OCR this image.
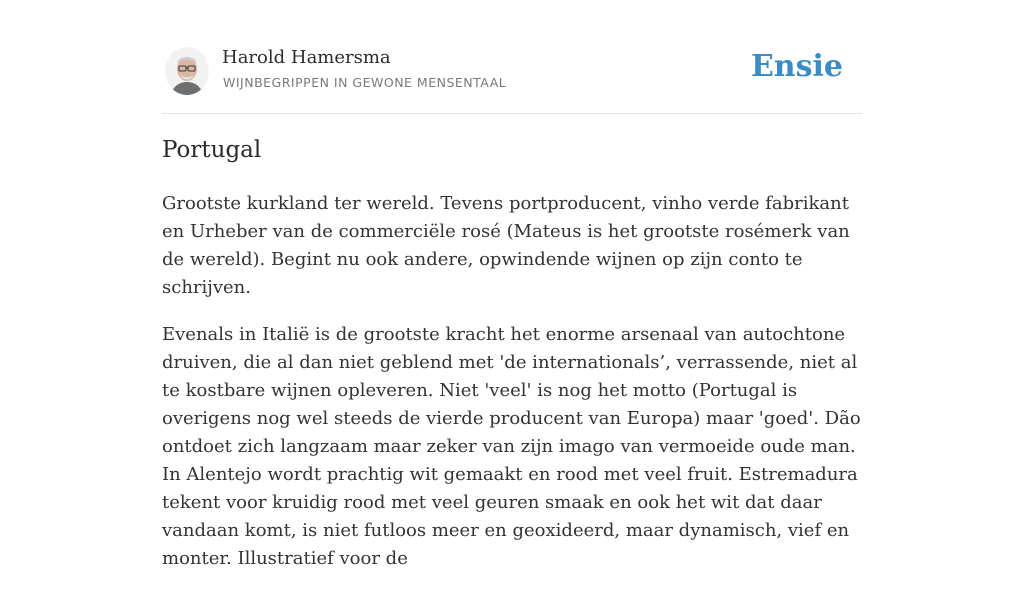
Harold Hamersma
WIJNBEGRIPPEN IN GEWONE MENSENTAAL	Ensie
Portugal

Grootste kurkland ter wereld. Tevens portproducent, vinho verde fabrikant en Urheber van de commerciële rosé (Mateus is het grootste rosémerk van de wereld). Begint nu ook andere, opwindende wijnen op zijn conto te schrijven.

Evenals in Italië is de grootste kracht het enorme arsenaal van autochtone druiven, die al dan niet geblend met 'de internationals’, verrassende, niet al te kostbare wijnen opleveren. Niet 'veel' is nog het motto (Portugal is overigens nog wel steeds de vierde producent van Europa) maar 'goed'. Dão ontdoet zich langzaam maar zeker van zijn imago van vermoeide oude man. In Alentejo wordt prachtig wit gemaakt en rood met veel fruit. Estremadura tekent voor kruidig rood met veel geuren smaak en ook het wit dat daar vandaan komt, is niet futloos meer en geoxideerd, maar dynamisch, vief en monter. Illustratief voor de
